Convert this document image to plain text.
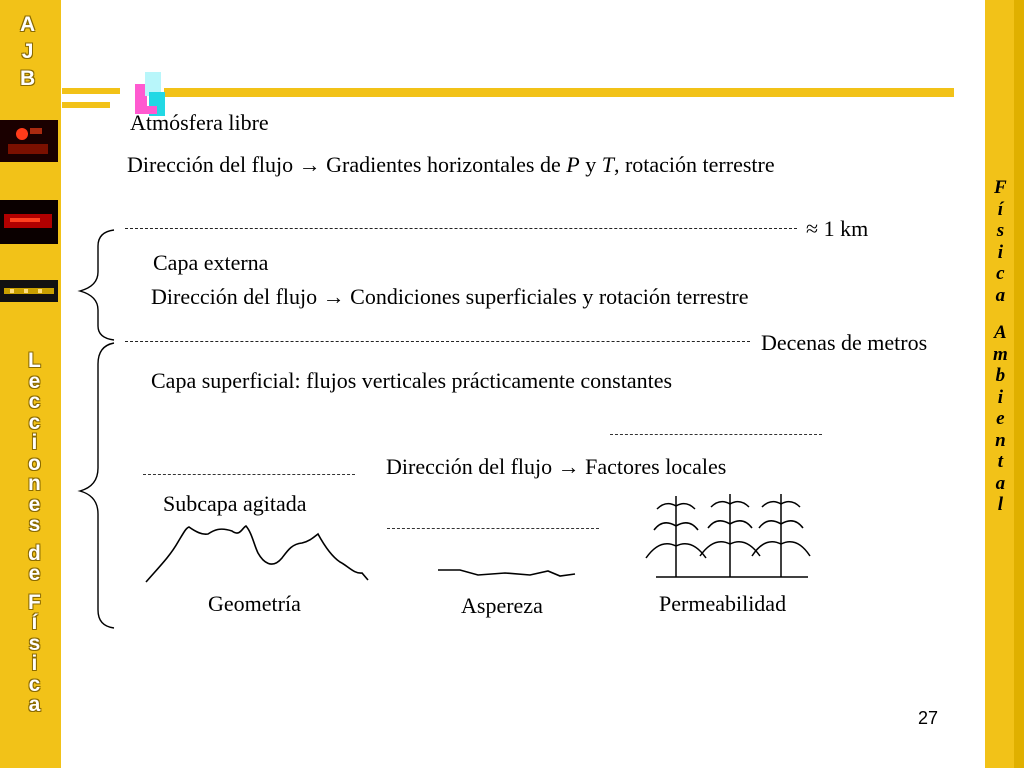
A
J
B
L
e
c
c
i
o
n
e
s
d
e
F
í
s
i
c
a
F
í
s
i
c
a
A
m
b
i
e
n
t
a
l
Atmósfera libre
Dirección del flujo → Gradientes horizontales de P y T, rotación terrestre
≈ 1 km
Capa externa
Dirección del flujo → Condiciones superficiales y rotación terrestre
Decenas de metros
Capa superficial: flujos verticales prácticamente constantes
Dirección del flujo → Factores locales
Subcapa agitada
Geometría	Aspereza	Permeabilidad
27
